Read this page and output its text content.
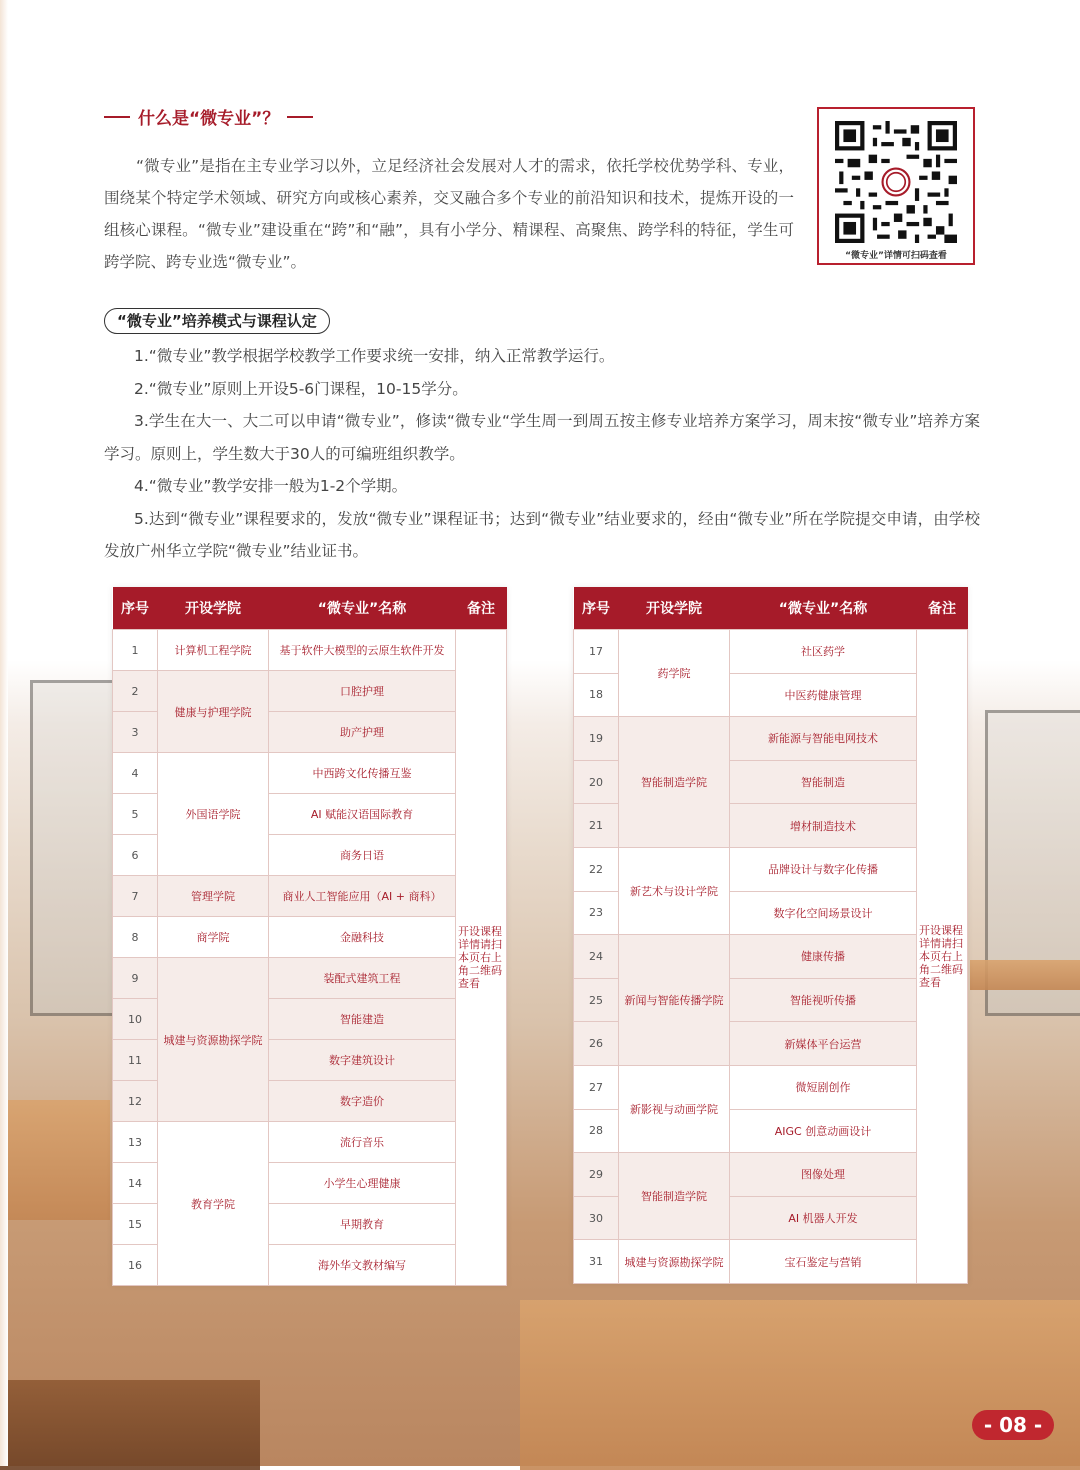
什么是“微专业”？
“微专业”是指在主专业学习以外，立足经济社会发展对人才的需求，依托学校优势学科、专业，围绕某个特定学术领域、研究方向或核心素养，交叉融合多个专业的前沿知识和技术，提炼开设的一组核心课程。“微专业”建设重在“跨”和“融”，具有小学分、精课程、高聚焦、跨学科的特征，学生可跨学院、跨专业选“微专业”。	“微专业”详情可扫码查看
“微专业”培养模式与课程认定

1.“微专业”教学根据学校教学工作要求统一安排，纳入正常教学运行。

2.“微专业”原则上开设5-6门课程，10-15学分。

3.学生在大一、大二可以申请“微专业”，修读“微专业“学生周一到周五按主修专业培养方案学习，周末按“微专业”培养方案学习。原则上，学生数大于30人的可编班组织教学。

4.“微专业”教学安排一般为1-2个学期。

5.达到“微专业”课程要求的，发放“微专业”课程证书；达到“微专业”结业要求的，经由“微专业”所在学院提交申请，由学校发放广州华立学院“微专业”结业证书。

序号	开设学院	“微专业”名称	备注
1	计算机工程学院	基于软件大模型的云原生软件开发	开设课程详情请扫本页右上角二维码查看
2	健康与护理学院	口腔护理	
3		助产护理	
4	外国语学院	中西跨文化传播互鉴	
5		AI 赋能汉语国际教育	
6		商务日语	
7	管理学院	商业人工智能应用（AI + 商科）	
8	商学院	金融科技	
9	城建与资源勘探学院	装配式建筑工程	
10		智能建造	
11		数字建筑设计	
12		数字造价	
13	教育学院	流行音乐	
14		小学生心理健康	
15		早期教育	
16		海外华文教材编写	
序号	开设学院	“微专业”名称	备注
17	药学院	社区药学	开设课程详情请扫本页右上角二维码查看
18		中医药健康管理	
19	智能制造学院	新能源与智能电网技术	
20		智能制造	
21		增材制造技术	
22	新艺术与设计学院	品牌设计与数字化传播	
23		数字化空间场景设计	
24	新闻与智能传播学院	健康传播	
25		智能视听传播	
26		新媒体平台运营	
27	新影视与动画学院	微短剧创作	
28		AIGC 创意动画设计	
29	智能制造学院	图像处理	
30		AI 机器人开发	
31	城建与资源勘探学院	宝石鉴定与营销	
- 08 -
